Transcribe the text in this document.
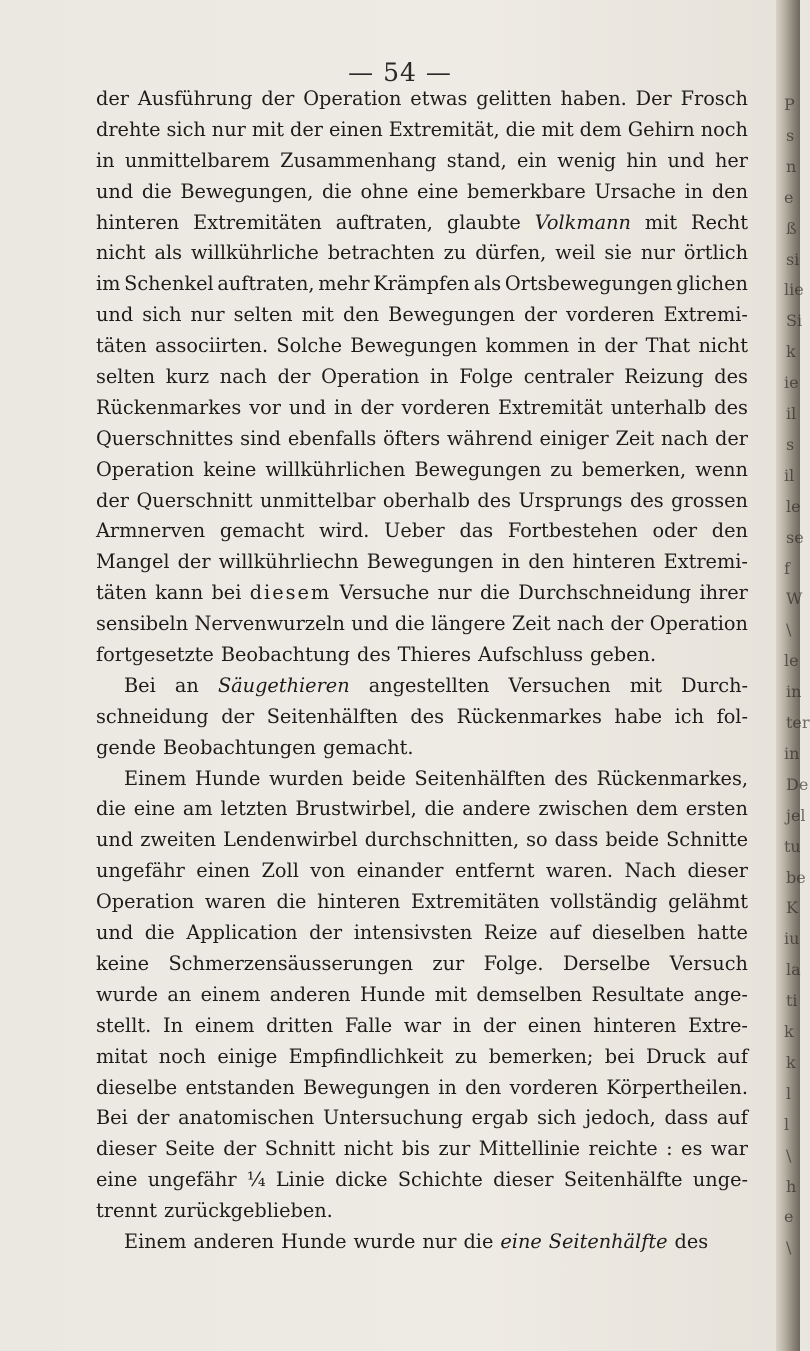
— 54 —
der Ausführung der Operation etwas gelitten haben. Der Frosch
drehte sich nur mit der einen Extremität, die mit dem Gehirn noch
in unmittelbarem Zusammenhang stand, ein wenig hin und her
und die Bewegungen, die ohne eine bemerkbare Ursache in den
hinteren Extremitäten auftraten, glaubte Volkmann mit Recht
nicht als willkührliche betrachten zu dürfen, weil sie nur örtlich
im Schenkel auftraten, mehr Krämpfen als Ortsbewegungen glichen
und sich nur selten mit den Bewegungen der vorderen Extremi-
täten associirten. Solche Bewegungen kommen in der That nicht
selten kurz nach der Operation in Folge centraler Reizung des
Rückenmarkes vor und in der vorderen Extremität unterhalb des
Querschnittes sind ebenfalls öfters während einiger Zeit nach der
Operation keine willkührlichen Bewegungen zu bemerken, wenn
der Querschnitt unmittelbar oberhalb des Ursprungs des grossen
Armnerven gemacht wird. Ueber das Fortbestehen oder den
Mangel der willkührliechn Bewegungen in den hinteren Extremi-
täten kann bei diesem Versuche nur die Durchschneidung ihrer
sensibeln Nervenwurzeln und die längere Zeit nach der Operation
fortgesetzte Beobachtung des Thieres Aufschluss geben.
Bei an Säugethieren angestellten Versuchen mit Durch-
schneidung der Seitenhälften des Rückenmarkes habe ich fol-
gende Beobachtungen gemacht.
Einem Hunde wurden beide Seitenhälften des Rückenmarkes,
die eine am letzten Brustwirbel, die andere zwischen dem ersten
und zweiten Lendenwirbel durchschnitten, so dass beide Schnitte
ungefähr einen Zoll von einander entfernt waren. Nach dieser
Operation waren die hinteren Extremitäten vollständig gelähmt
und die Application der intensivsten Reize auf dieselben hatte
keine Schmerzensäusserungen zur Folge. Derselbe Versuch
wurde an einem anderen Hunde mit demselben Resultate ange-
stellt. In einem dritten Falle war in der einen hinteren Extre-
mitat noch einige Empfindlichkeit zu bemerken; bei Druck auf
dieselbe entstanden Bewegungen in den vorderen Körpertheilen.
Bei der anatomischen Untersuchung ergab sich jedoch, dass auf
dieser Seite der Schnitt nicht bis zur Mittellinie reichte : es war
eine ungefähr ¼ Linie dicke Schichte dieser Seitenhälfte unge-
trennt zurückgeblieben.
Einem anderen Hunde wurde nur die eine Seitenhälfte des
P
s
n
e
ß
si
lie
Si
k
ie
il
s
il
le
se
f
W
\
le
in
ter
in
De
jel
tu
be
K
iu
la
ti
k
k
l
l
\
h
e
\
